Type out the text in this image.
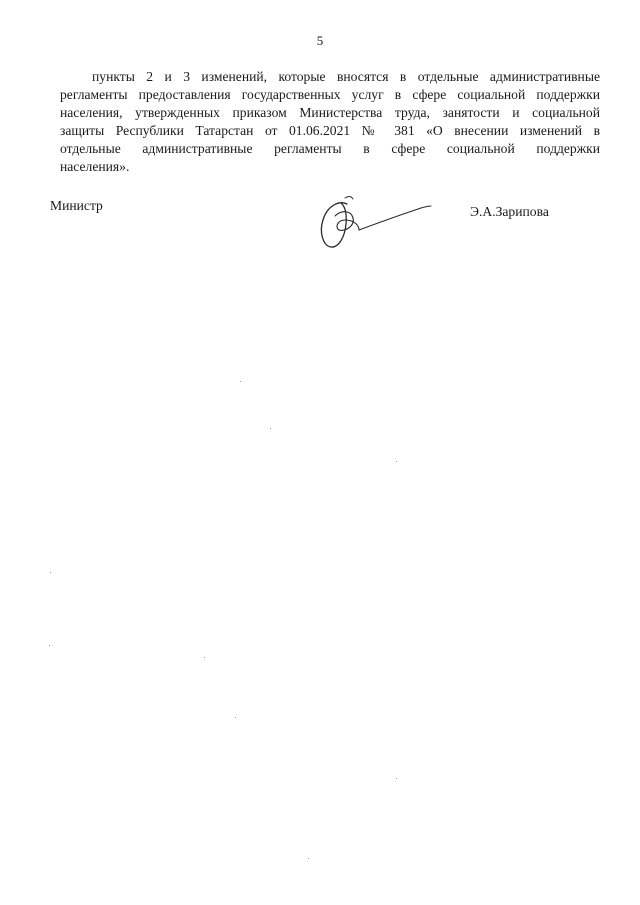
5
пункты 2 и 3 изменений, которые вносятся в отдельные административные
регламенты предоставления государственных услуг в сфере социальной поддержки
населения, утвержденных приказом Министерства труда, занятости и социальной
защиты Республики Татарстан от 01.06.2021 № 381 «О внесении изменений в
отдельные административные регламенты в сфере социальной поддержки
населения».
Министр	Э.А.Зарипова
